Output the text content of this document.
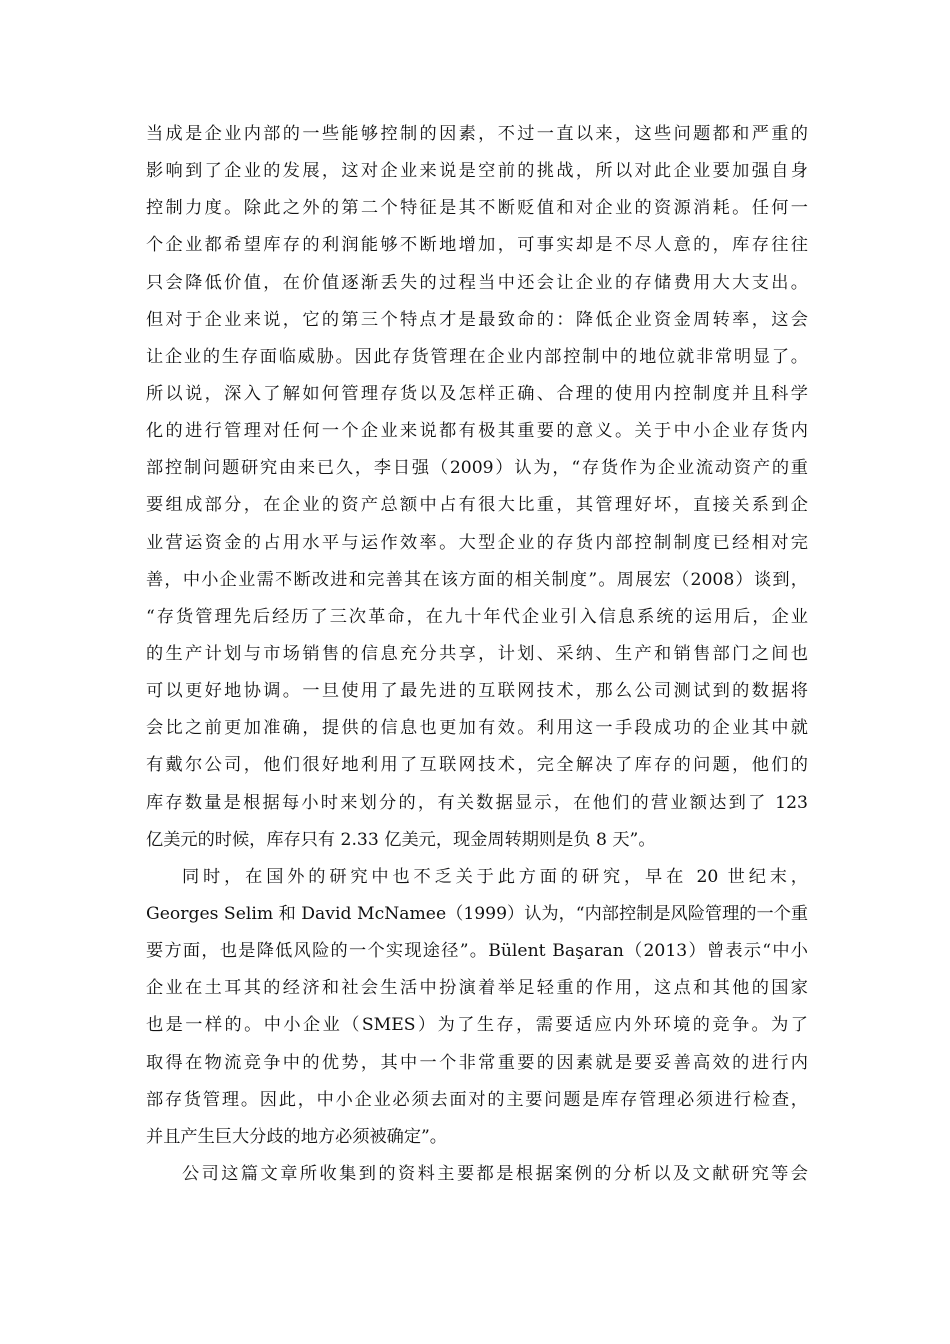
当成是企业内部的一些能够控制的因素，不过一直以来，这些问题都和严重的
影响到了企业的发展，这对企业来说是空前的挑战，所以对此企业要加强自身
控制力度。除此之外的第二个特征是其不断贬值和对企业的资源消耗。任何一
个企业都希望库存的利润能够不断地增加，可事实却是不尽人意的，库存往往
只会降低价值，在价值逐渐丢失的过程当中还会让企业的存储费用大大支出。
但对于企业来说，它的第三个特点才是最致命的：降低企业资金周转率，这会
让企业的生存面临威胁。因此存货管理在企业内部控制中的地位就非常明显了。
所以说，深入了解如何管理存货以及怎样正确、合理的使用内控制度并且科学
化的进行管理对任何一个企业来说都有极其重要的意义。关于中小企业存货内
部控制问题研究由来已久，李日强（2009）认为，“存货作为企业流动资产的重
要组成部分，在企业的资产总额中占有很大比重，其管理好坏，直接关系到企
业营运资金的占用水平与运作效率。大型企业的存货内部控制制度已经相对完
善，中小企业需不断改进和完善其在该方面的相关制度”。周展宏（2008）谈到，
“存货管理先后经历了三次革命，在九十年代企业引入信息系统的运用后，企业
的生产计划与市场销售的信息充分共享，计划、采纳、生产和销售部门之间也
可以更好地协调。一旦使用了最先进的互联网技术，那么公司测试到的数据将
会比之前更加准确，提供的信息也更加有效。利用这一手段成功的企业其中就
有戴尔公司，他们很好地利用了互联网技术，完全解决了库存的问题，他们的
库存数量是根据每小时来划分的，有关数据显示，在他们的营业额达到了 123
亿美元的时候，库存只有 2.33 亿美元，现金周转期则是负 8 天”。
同时，在国外的研究中也不乏关于此方面的研究，早在 20 世纪末，
Georges Selim 和 David McNamee（1999）认为，“内部控制是风险管理的一个重
要方面，也是降低风险的一个实现途径”。Bülent Başaran（2013）曾表示“中小
企业在土耳其的经济和社会生活中扮演着举足轻重的作用，这点和其他的国家
也是一样的。中小企业（SMES）为了生存，需要适应内外环境的竞争。为了
取得在物流竞争中的优势，其中一个非常重要的因素就是要妥善高效的进行内
部存货管理。因此，中小企业必须去面对的主要问题是库存管理必须进行检查，
并且产生巨大分歧的地方必须被确定”。
公司这篇文章所收集到的资料主要都是根据案例的分析以及文献研究等会
